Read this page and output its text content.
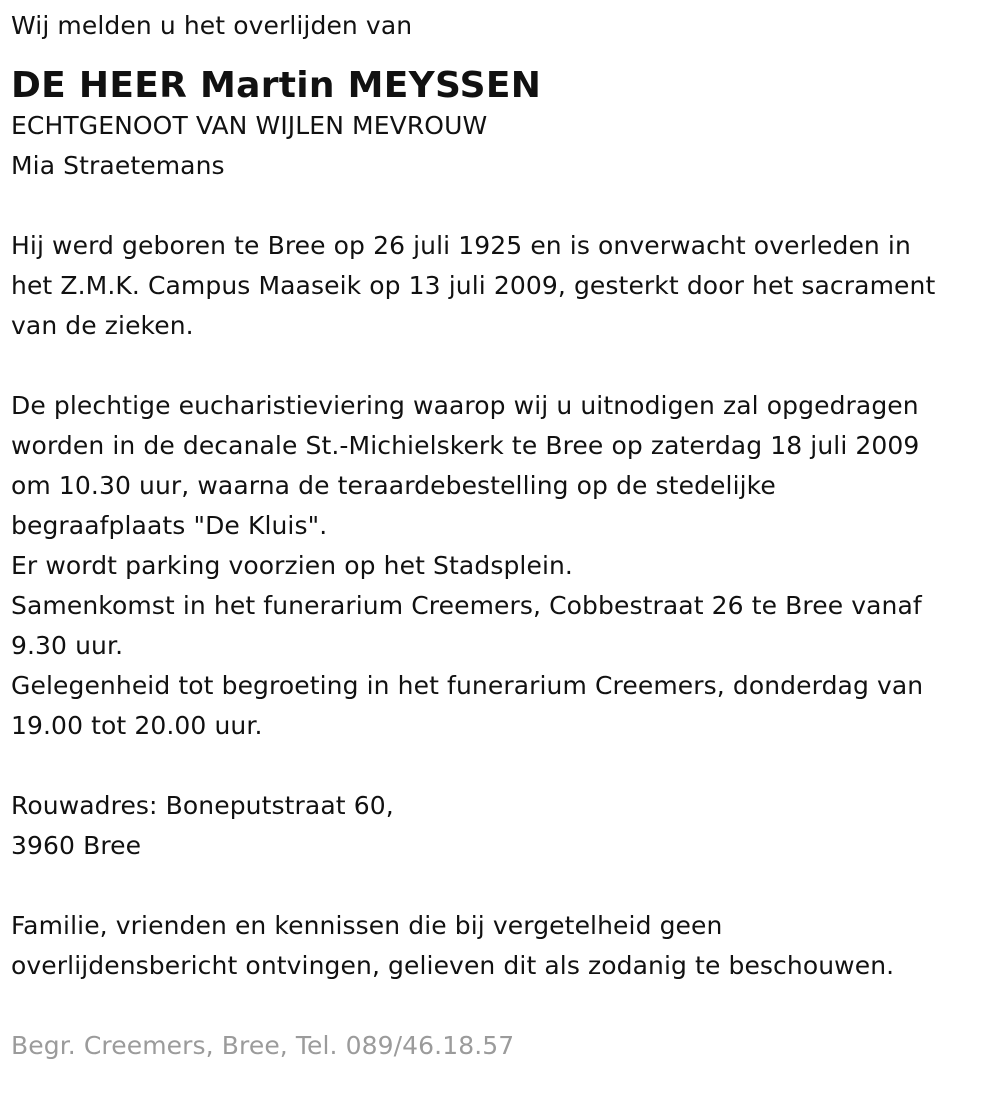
Wij melden u het overlijden van
DE HEER Martin MEYSSEN
ECHTGENOOT VAN WIJLEN MEVROUW
Mia Straetemans
Hij werd geboren te Bree op 26 juli 1925 en is onverwacht overleden in
het Z.M.K. Campus Maaseik op 13 juli 2009, gesterkt door het sacrament
van de zieken.
De plechtige eucharistieviering waarop wij u uitnodigen zal opgedragen
worden in de decanale St.-Michielskerk te Bree op zaterdag 18 juli 2009
om 10.30 uur, waarna de teraardebestelling op de stedelijke
begraafplaats "De Kluis".
Er wordt parking voorzien op het Stadsplein.
Samenkomst in het funerarium Creemers, Cobbestraat 26 te Bree vanaf
9.30 uur.
Gelegenheid tot begroeting in het funerarium Creemers, donderdag van
19.00 tot 20.00 uur.
Rouwadres: Boneputstraat 60,
3960 Bree
Familie, vrienden en kennissen die bij vergetelheid geen
overlijdensbericht ontvingen, gelieven dit als zodanig te beschouwen.
Begr. Creemers, Bree, Tel. 089/46.18.57
